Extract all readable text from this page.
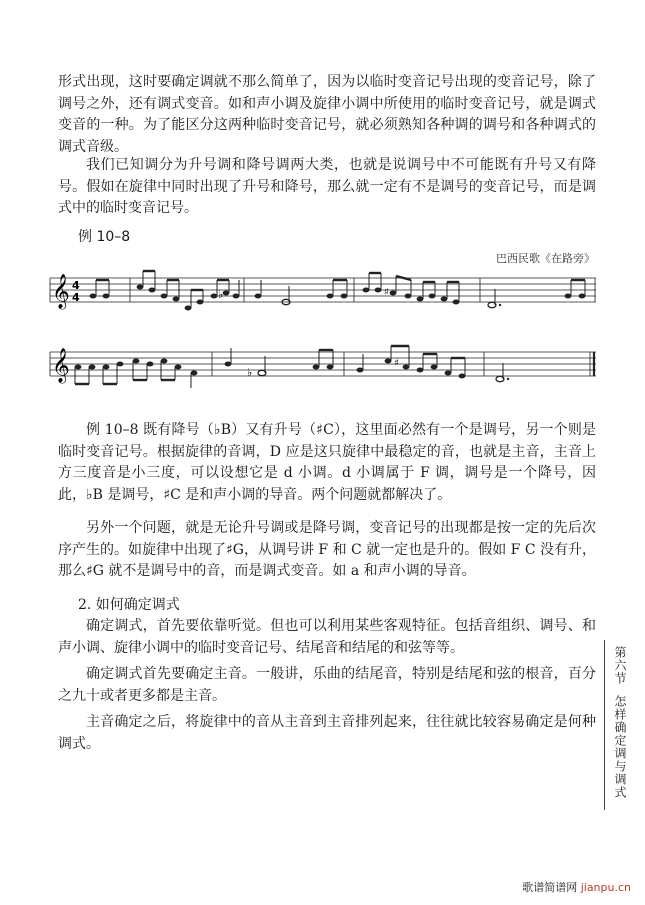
形式出现，这时要确定调就不那么简单了，因为以临时变音记号出现的变音记号，除了调号之外，还有调式变音。如和声小调及旋律小调中所使用的临时变音记号，就是调式变音的一种。为了能区分这两种临时变音记号，就必须熟知各种调的调号和各种调式的调式音级。

我们已知调分为升号调和降号调两大类，也就是说调号中不可能既有升号又有降号。假如在旋律中同时出现了升号和降号，那么就一定有不是调号的变音记号，而是调式中的临时变音记号。

例 10–8
巴西民歌《在路旁》
𝄞 4
4	♭	♯
𝄞	♭
♯

例 10–8 既有降号（♭B）又有升号（♯C），这里面必然有一个是调号，另一个则是临时变音记号。根据旋律的音调，D 应是这只旋律中最稳定的音，也就是主音，主音上方三度音是小三度，可以设想它是 d 小调。d 小调属于 F 调，调号是一个降号，因此，♭B 是调号，♯C 是和声小调的导音。两个问题就都解决了。

另外一个问题，就是无论升号调或是降号调，变音记号的出现都是按一定的先后次序产生的。如旋律中出现了♯G，从调号讲 F 和 C 就一定也是升的。假如 F C 没有升，那么♯G 就不是调号中的音，而是调式变音。如 a 和声小调的导音。

2. 如何确定调式

确定调式，首先要依靠听觉。但也可以利用某些客观特征。包括音组织、调号、和声小调、旋律小调中的临时变音记号、结尾音和结尾的和弦等等。

确定调式首先要确定主音。一般讲，乐曲的结尾音，特别是结尾和弦的根音，百分之九十或者更多都是主音。

主音确定之后，将旋律中的音从主音到主音排列起来，往往就比较容易确定是何种调式。

第六节怎样确定调与调式
歌谱简谱网 jianpu.cn
